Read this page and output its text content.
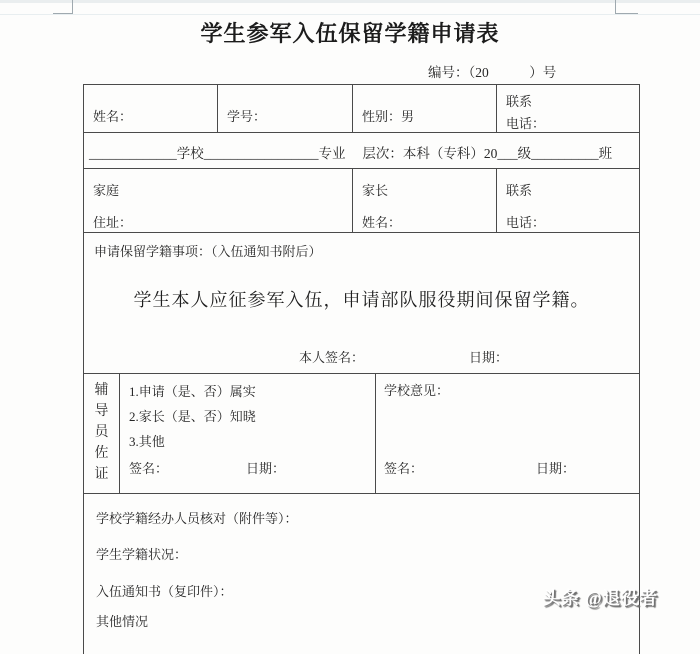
学生参军入伍保留学籍申请表
编号：（20　　　）号
姓名：	学号：	性别：男
联系
电话：
_____________学校_________________专业　 层次：本科（专科）20___级__________班
家庭
住址：
家长
姓名：
联系
电话：
申请保留学籍事项：（入伍通知书附后）
学生本人应征参军入伍，申请部队服役期间保留学籍。
本人签名：	日期：
辅导员佐证
1.申请（是、否）属实
2.家长（是、否）知晓
3.其他
签名：	日期：
学校意见：
签名：	日期：
学校学籍经办人员核对（附件等）：
学生学籍状况：
入伍通知书（复印件）：
其他情况
头条 @退役者
